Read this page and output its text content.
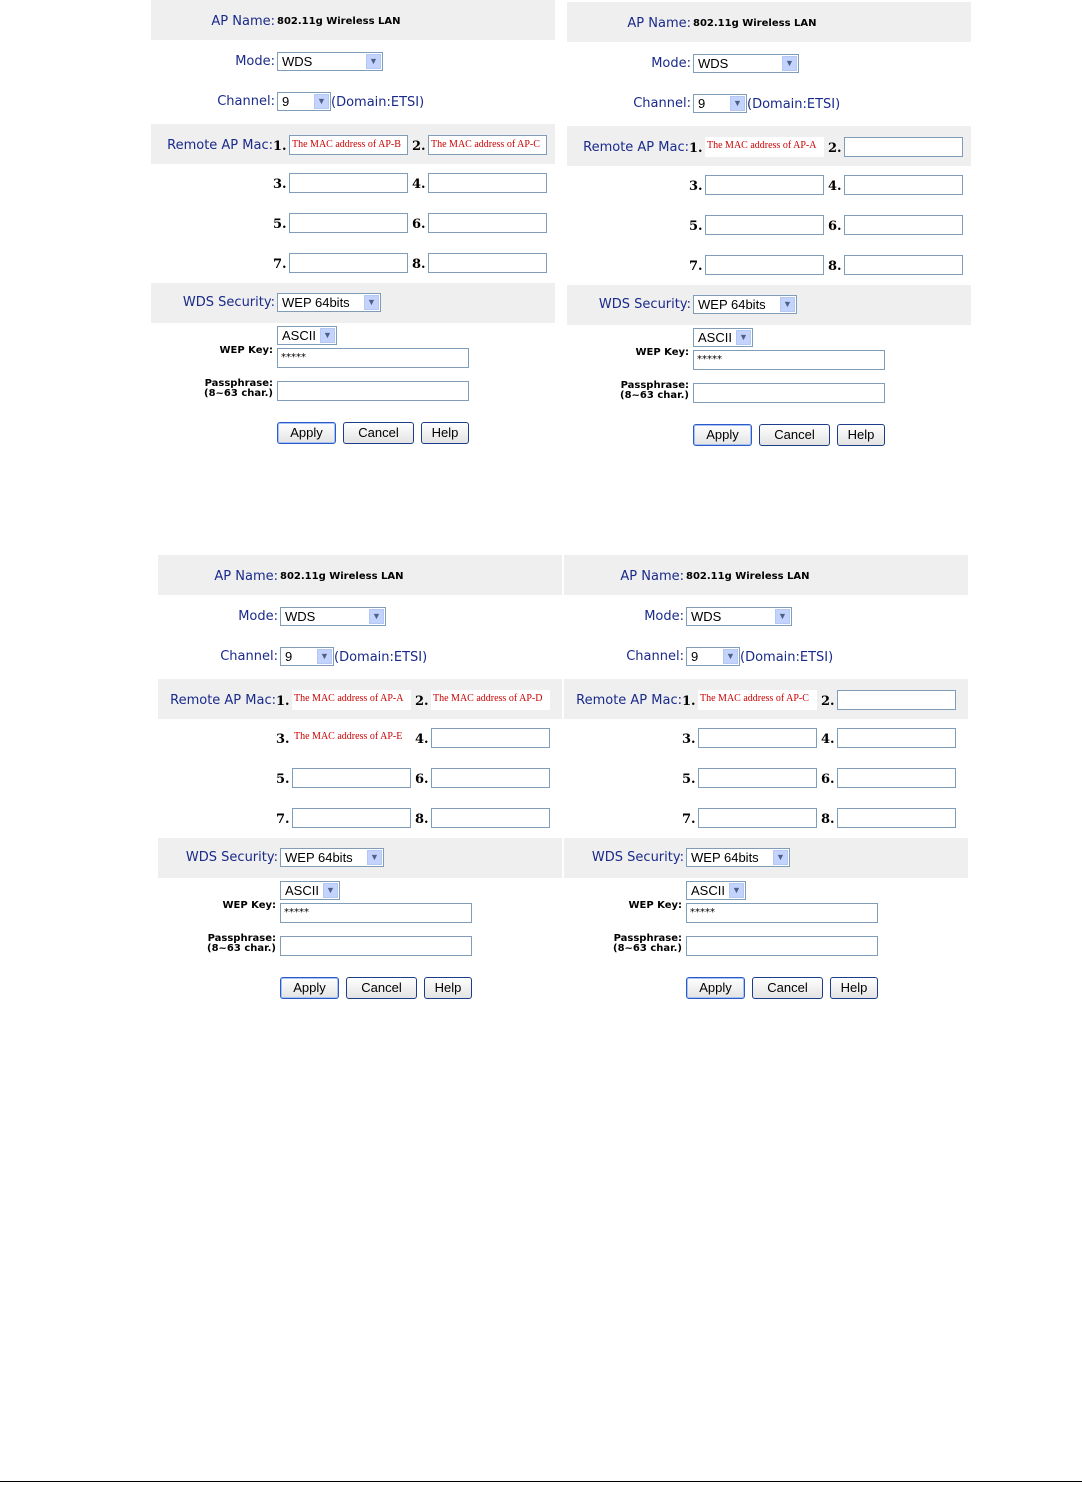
AP Name: 802.11g Wireless LAN
Mode: WDS	▼
Channel: 9	▼ (Domain:ETSI)
Remote AP Mac: 1. The MAC address of AP-B 2. The MAC address of AP-C
3.	4.
5.	6.
7.	8.
WDS Security: WEP 64bits	▼
ASCII ▼
WEP Key:
*****
Passphrase:
(8~63 char.)
Apply	Cancel	Help
AP Name: 802.11g Wireless LAN
Mode: WDS	▼
Channel: 9	▼ (Domain:ETSI)
Remote AP Mac: 1. The MAC address of AP-A 2.
3.	4.
5.	6.
7.	8.
WDS Security: WEP 64bits	▼
ASCII ▼
WEP Key:
*****
Passphrase:
(8~63 char.)
Apply	Cancel	Help
AP Name: 802.11g Wireless LAN
Mode: WDS	▼
Channel: 9	▼ (Domain:ETSI)
Remote AP Mac: 1. The MAC address of AP-A 2. The MAC address of AP-D
3. The MAC address of AP-E 4.
5.	6.
7.	8.
WDS Security: WEP 64bits	▼
ASCII ▼
WEP Key:
*****
Passphrase:
(8~63 char.)
Apply	Cancel	Help
AP Name: 802.11g Wireless LAN
Mode: WDS	▼
Channel: 9	▼ (Domain:ETSI)
Remote AP Mac: 1. The MAC address of AP-C 2.
3.	4.
5.	6.
7.	8.
WDS Security: WEP 64bits	▼
ASCII ▼
WEP Key:
*****
Passphrase:
(8~63 char.)
Apply	Cancel	Help
